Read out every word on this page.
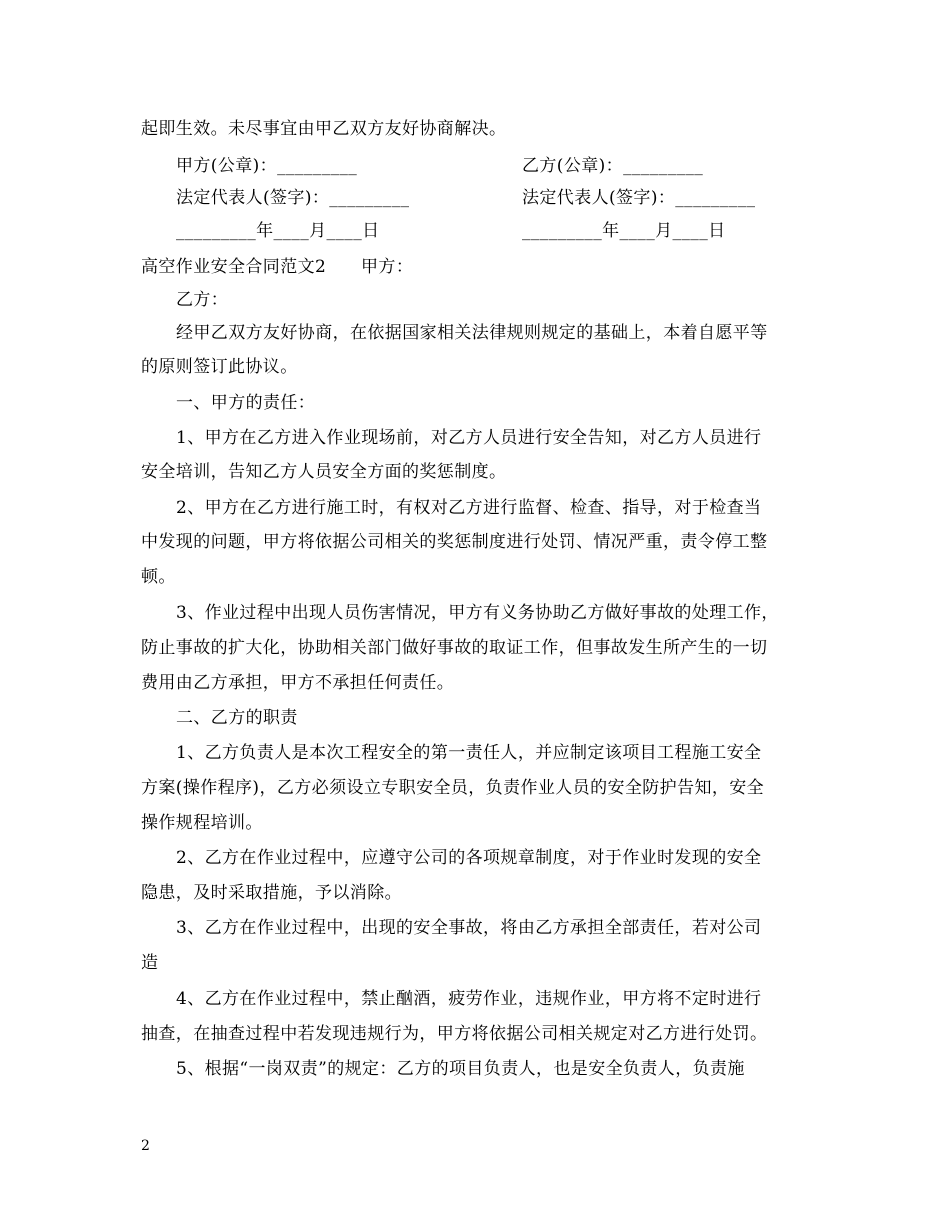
起即生效。未尽事宜由甲乙双方友好协商解决。
甲方(公章)：_________	乙方(公章)：_________
法定代表人(签字)：_________	法定代表人(签字)：_________
_________年____月____日	_________年____月____日
高空作业安全合同范文2　　甲方：
乙方：
经甲乙双方友好协商，在依据国家相关法律规则规定的基础上，本着自愿平等
的原则签订此协议。
一、甲方的责任：
1、甲方在乙方进入作业现场前，对乙方人员进行安全告知，对乙方人员进行
安全培训，告知乙方人员安全方面的奖惩制度。
2、甲方在乙方进行施工时，有权对乙方进行监督、检查、指导，对于检查当
中发现的问题，甲方将依据公司相关的奖惩制度进行处罚、情况严重，责令停工整
顿。
3、作业过程中出现人员伤害情况，甲方有义务协助乙方做好事故的处理工作，
防止事故的扩大化，协助相关部门做好事故的取证工作，但事故发生所产生的一切
费用由乙方承担，甲方不承担任何责任。
二、乙方的职责
1、乙方负责人是本次工程安全的第一责任人，并应制定该项目工程施工安全
方案(操作程序)，乙方必须设立专职安全员，负责作业人员的安全防护告知，安全
操作规程培训。
2、乙方在作业过程中，应遵守公司的各项规章制度，对于作业时发现的安全
隐患，及时采取措施，予以消除。
3、乙方在作业过程中，出现的安全事故，将由乙方承担全部责任，若对公司
造
4、乙方在作业过程中，禁止酗酒，疲劳作业，违规作业，甲方将不定时进行
抽查，在抽查过程中若发现违规行为，甲方将依据公司相关规定对乙方进行处罚。
5、根据“一岗双责”的规定：乙方的项目负责人，也是安全负责人，负责施
2
